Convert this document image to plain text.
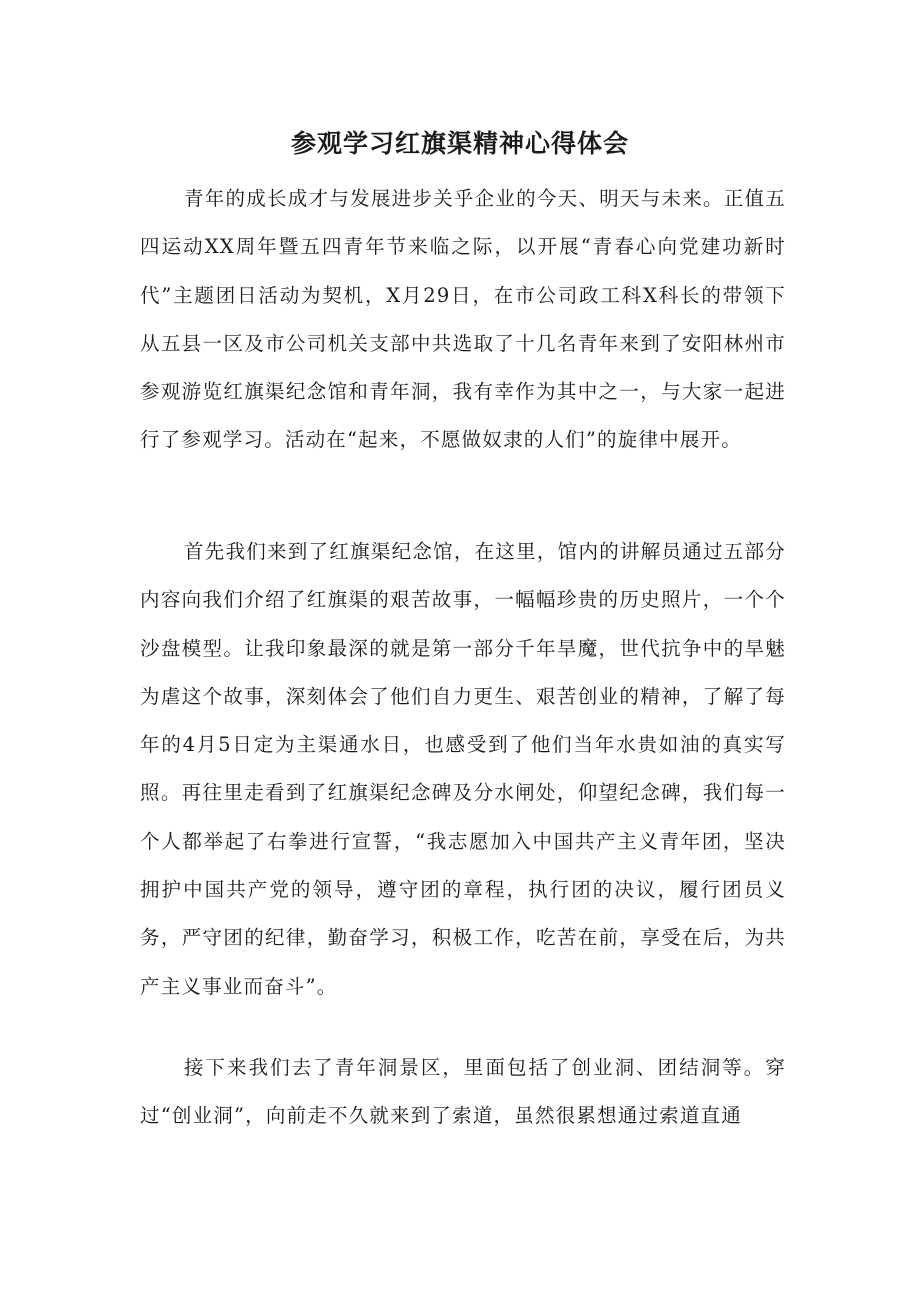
参观学习红旗渠精神心得体会

青年的成长成才与发展进步关乎企业的今天、明天与未来。正值五四运动XX周年暨五四青年节来临之际，以开展“青春心向党建功新时代”主题团日活动为契机，X月29日，在市公司政工科X科长的带领下从五县一区及市公司机关支部中共选取了十几名青年来到了安阳林州市参观游览红旗渠纪念馆和青年洞，我有幸作为其中之一，与大家一起进行了参观学习。活动在“起来，不愿做奴隶的人们”的旋律中展开。

首先我们来到了红旗渠纪念馆，在这里，馆内的讲解员通过五部分内容向我们介绍了红旗渠的艰苦故事，一幅幅珍贵的历史照片，一个个沙盘模型。让我印象最深的就是第一部分千年旱魔，世代抗争中的旱魅为虐这个故事，深刻体会了他们自力更生、艰苦创业的精神，了解了每年的4月5日定为主渠通水日，也感受到了他们当年水贵如油的真实写照。再往里走看到了红旗渠纪念碑及分水闸处，仰望纪念碑，我们每一个人都举起了右拳进行宣誓，“我志愿加入中国共产主义青年团，坚决拥护中国共产党的领导，遵守团的章程，执行团的决议，履行团员义务，严守团的纪律，勤奋学习，积极工作，吃苦在前，享受在后，为共产主义事业而奋斗”。

接下来我们去了青年洞景区，里面包括了创业洞、团结洞等。穿过“创业洞”，向前走不久就来到了索道，虽然很累想通过索道直通
